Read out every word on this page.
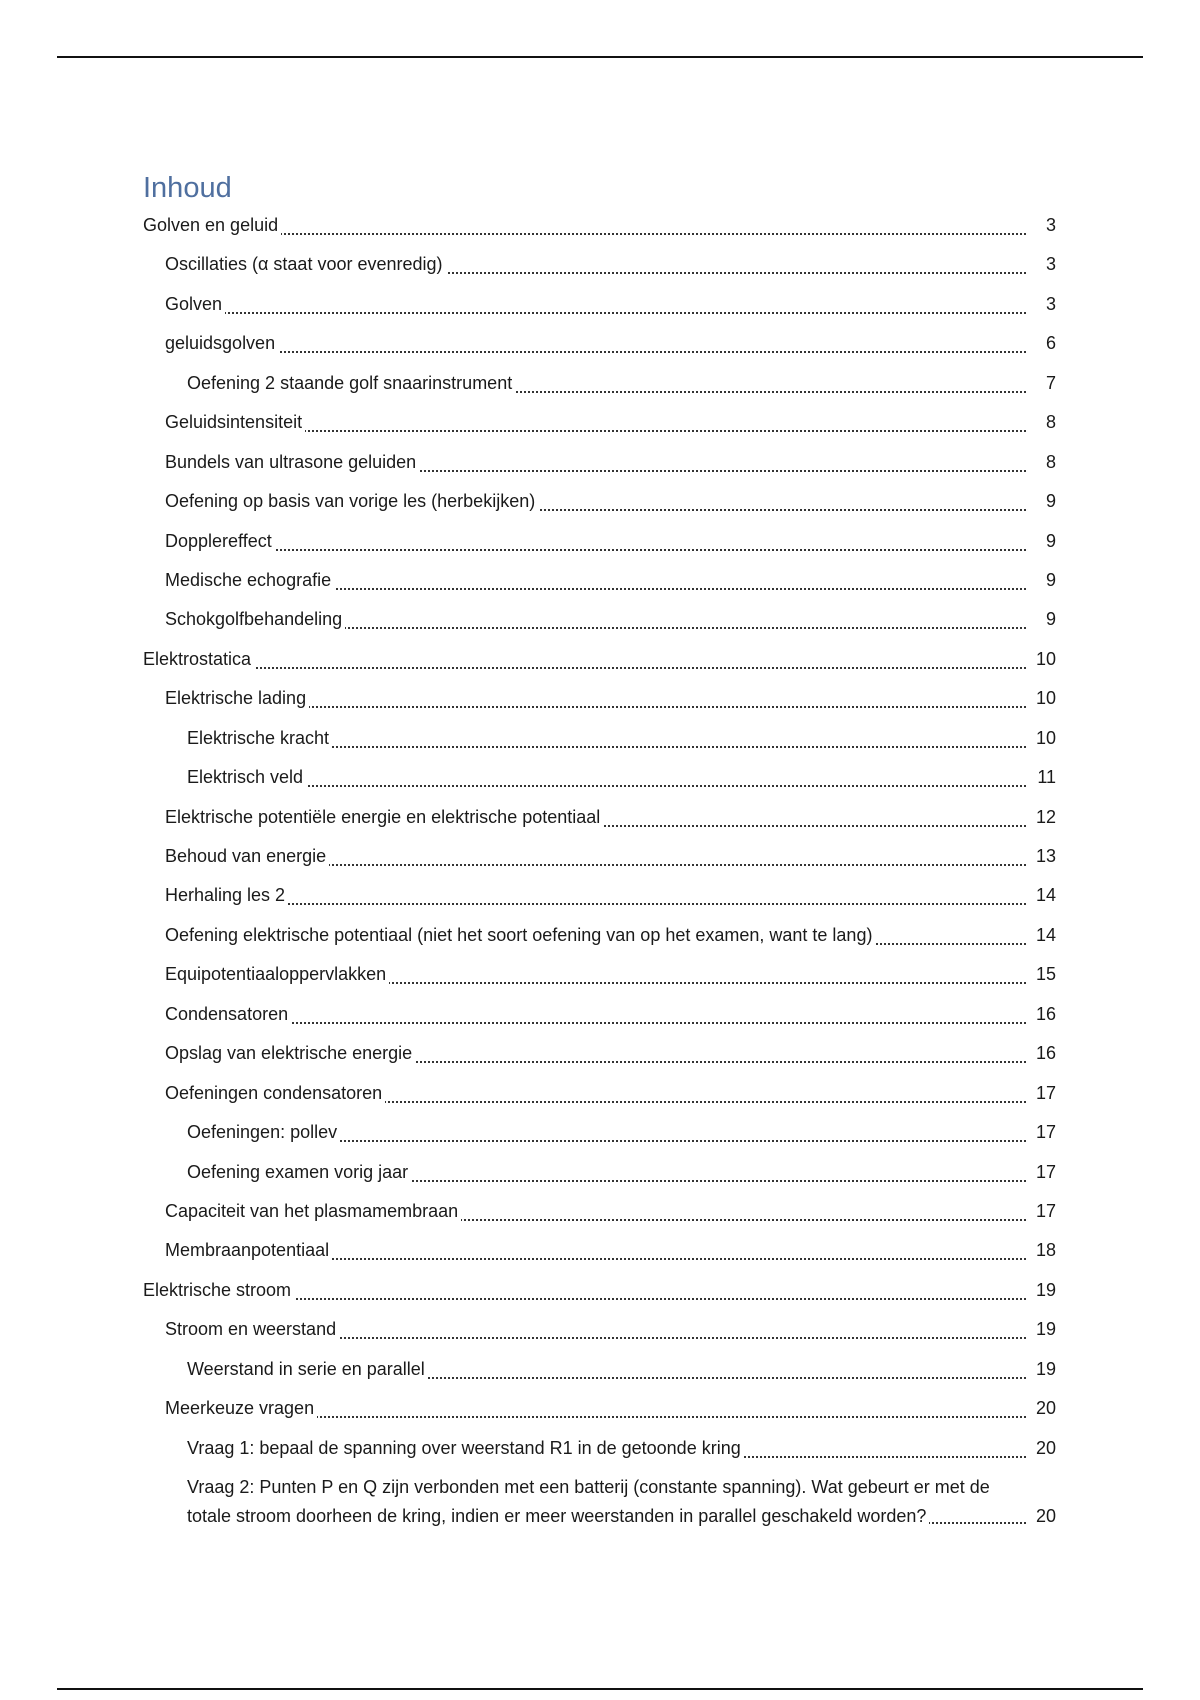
Inhoud
Golven en geluid	3
Oscillaties (α staat voor evenredig)	3
Golven	3
geluidsgolven	6
Oefening 2 staande golf snaarinstrument	7
Geluidsintensiteit	8
Bundels van ultrasone geluiden	8
Oefening op basis van vorige les (herbekijken)	9
Dopplereffect	9
Medische echografie	9
Schokgolfbehandeling	9
Elektrostatica	10
Elektrische lading	10
Elektrische kracht	10
Elektrisch veld	11
Elektrische potentiële energie en elektrische potentiaal	12
Behoud van energie	13
Herhaling les 2	14
Oefening elektrische potentiaal (niet het soort oefening van op het examen, want te lang)	14
Equipotentiaaloppervlakken	15
Condensatoren	16
Opslag van elektrische energie	16
Oefeningen condensatoren	17
Oefeningen: pollev	17
Oefening examen vorig jaar	17
Capaciteit van het plasmamembraan	17
Membraanpotentiaal	18
Elektrische stroom	19
Stroom en weerstand	19
Weerstand in serie en parallel	19
Meerkeuze vragen	20
Vraag 1: bepaal de spanning over weerstand R1 in de getoonde kring	20
Vraag 2: Punten P en Q zijn verbonden met een batterij (constante spanning). Wat gebeurt er met de totale stroom doorheen de kring, indien er meer weerstanden in parallel geschakeld worden?	20
